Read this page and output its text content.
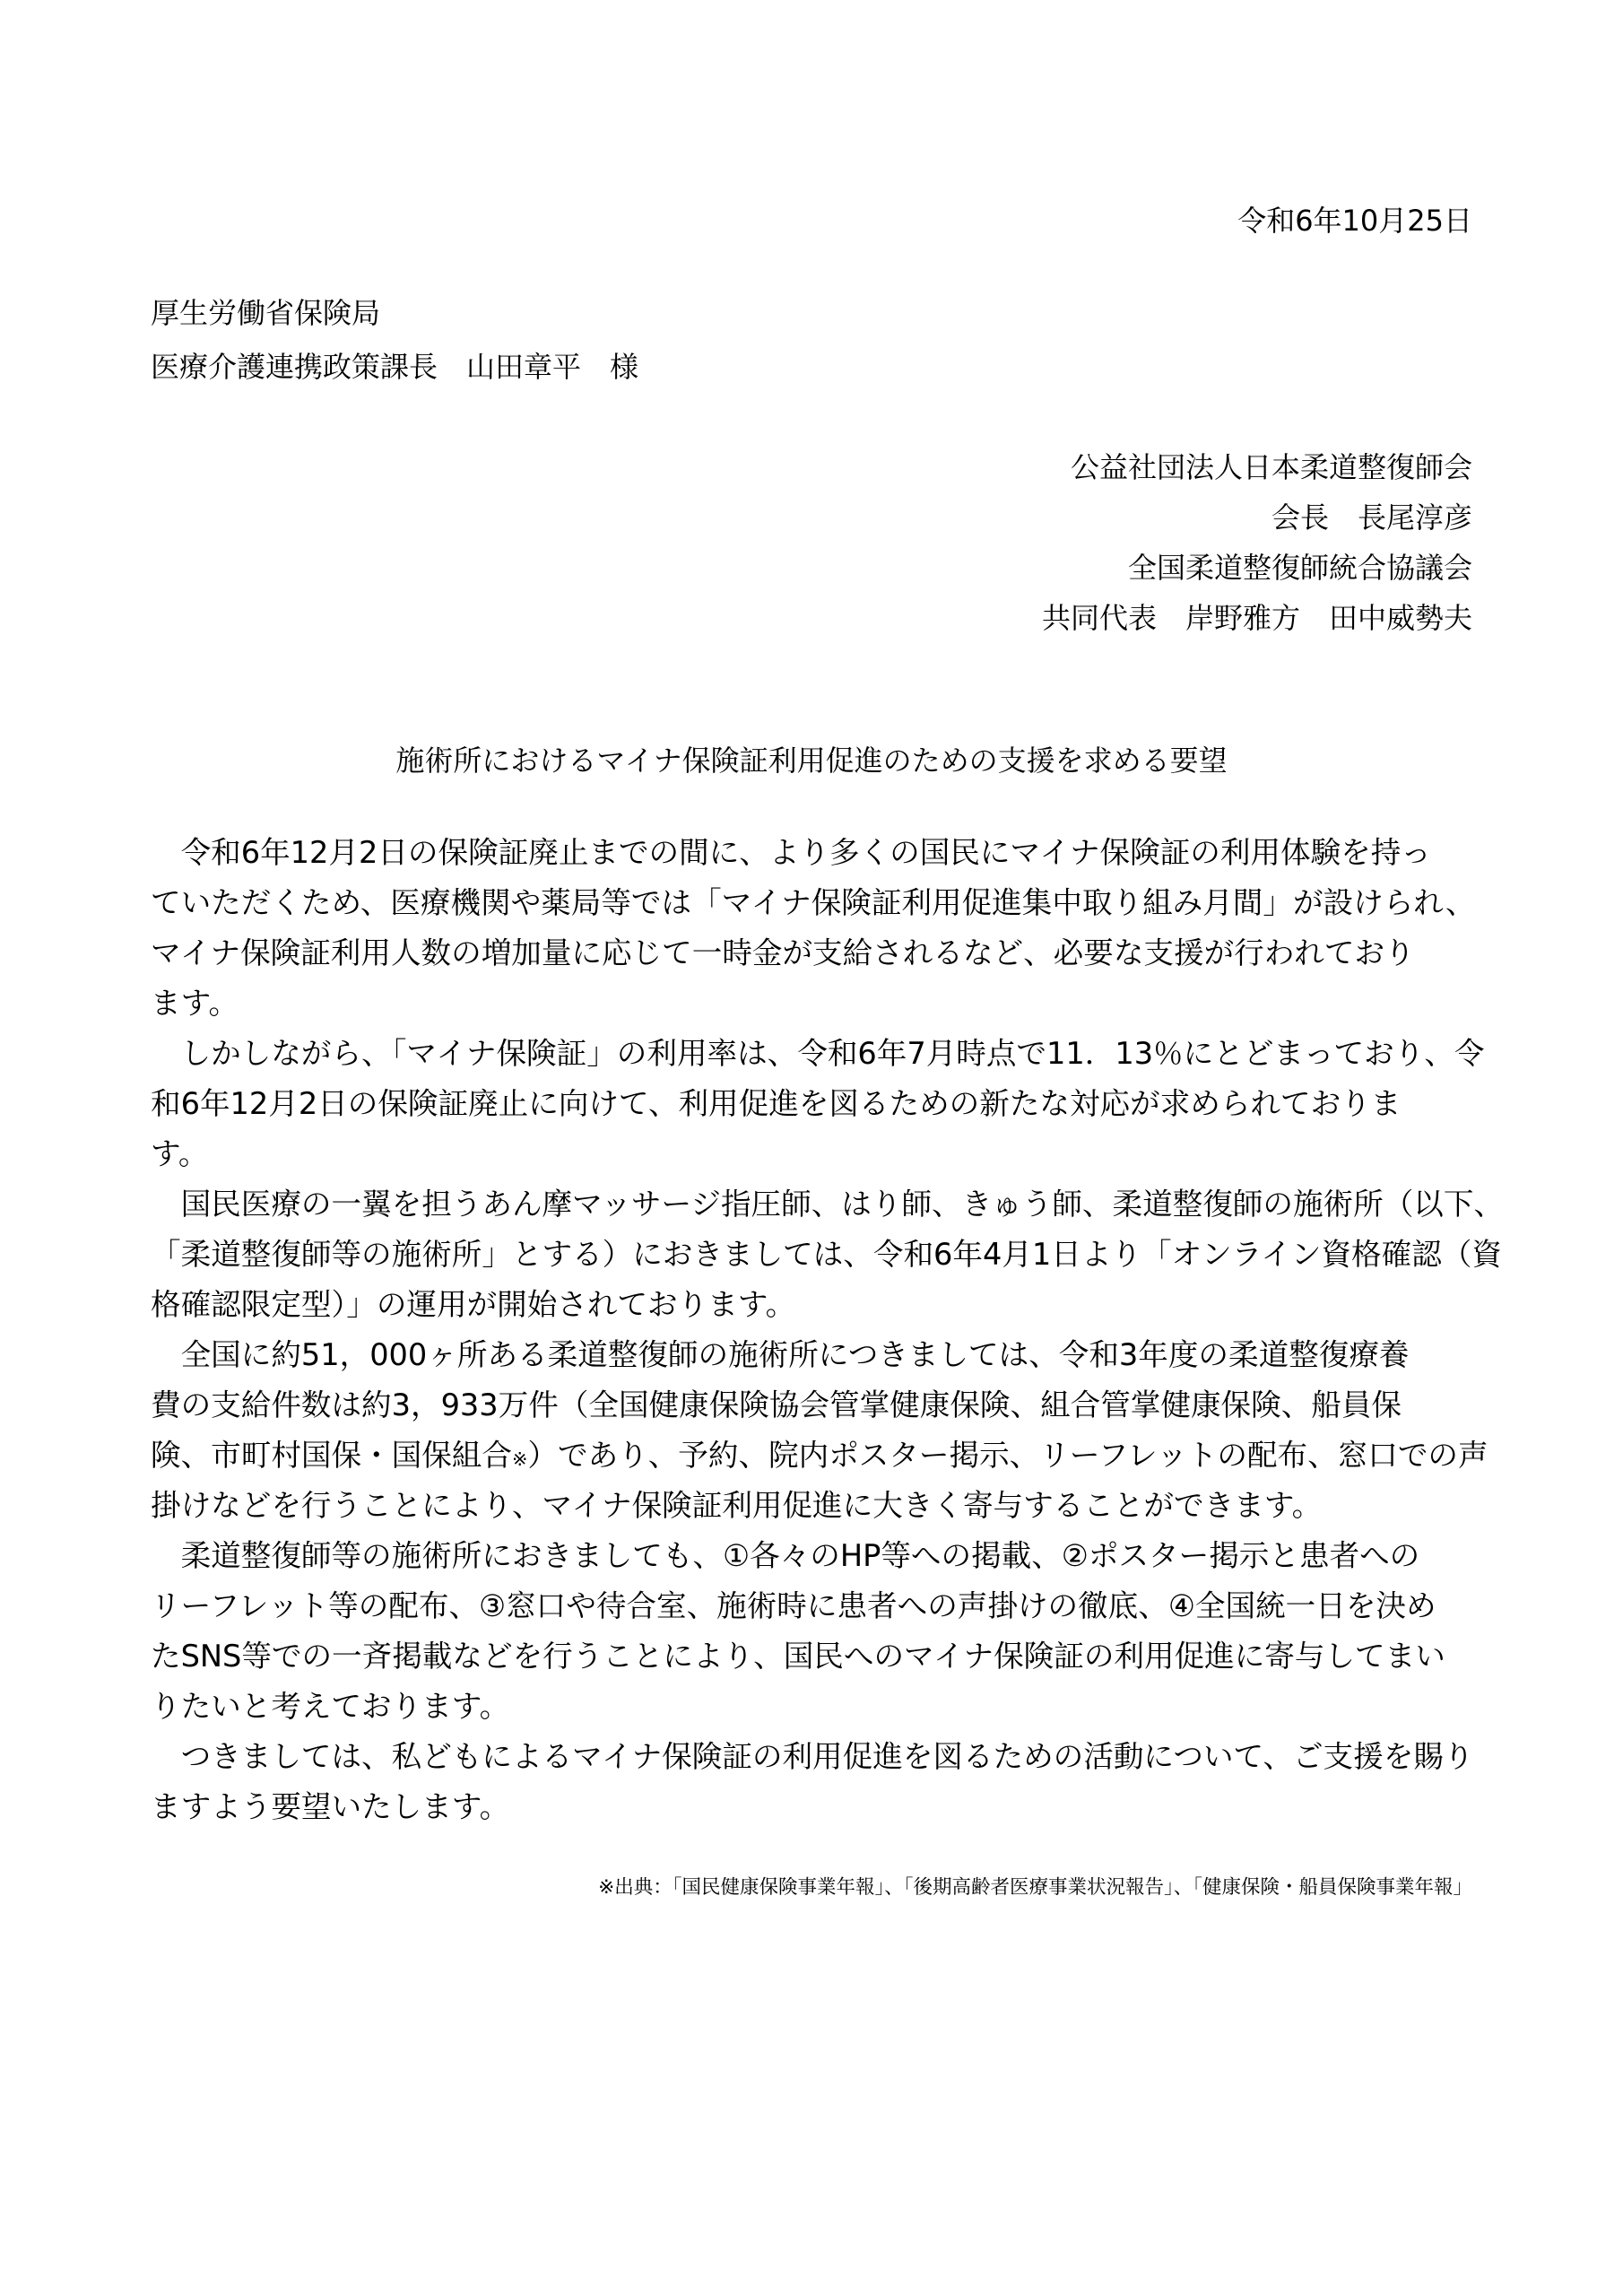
令和6年10月25日

厚生労働省保険局

医療介護連携政策課長　山田章平　様

公益社団法人日本柔道整復師会

会長　長尾淳彦

全国柔道整復師統合協議会

共同代表　岸野雅方　田中威勢夫

施術所におけるマイナ保険証利用促進のための支援を求める要望

　令和6年12月2日の保険証廃止までの間に、より多くの国民にマイナ保険証の利用体験を持っ

ていただくため、医療機関や薬局等では「マイナ保険証利用促進集中取り組み月間」が設けられ、

マイナ保険証利用人数の増加量に応じて一時金が支給されるなど、必要な支援が行われており

ます。

　しかしながら、「マイナ保険証」の利用率は、令和6年7月時点で11．13％にとどまっており、令

和6年12月2日の保険証廃止に向けて、利用促進を図るための新たな対応が求められておりま

す。

　国民医療の一翼を担うあん摩マッサージ指圧師、はり師、きゅう師、柔道整復師の施術所（以下、

「柔道整復師等の施術所」とする）におきましては、令和6年4月1日より「オンライン資格確認（資

格確認限定型）」の運用が開始されております。

　全国に約51，000ヶ所ある柔道整復師の施術所につきましては、令和3年度の柔道整復療養

費の支給件数は約3，933万件（全国健康保険協会管掌健康保険、組合管掌健康保険、船員保

険、市町村国保・国保組合※）であり、予約、院内ポスター掲示、リーフレットの配布、窓口での声

掛けなどを行うことにより、マイナ保険証利用促進に大きく寄与することができます。

　柔道整復師等の施術所におきましても、①各々のHP等への掲載、②ポスター掲示と患者への

リーフレット等の配布、③窓口や待合室、施術時に患者への声掛けの徹底、④全国統一日を決め

たSNS等での一斉掲載などを行うことにより、国民へのマイナ保険証の利用促進に寄与してまい

りたいと考えております。

　つきましては、私どもによるマイナ保険証の利用促進を図るための活動について、ご支援を賜り

ますよう要望いたします。

※出典：「国民健康保険事業年報」、「後期高齢者医療事業状況報告」、「健康保険・船員保険事業年報」
